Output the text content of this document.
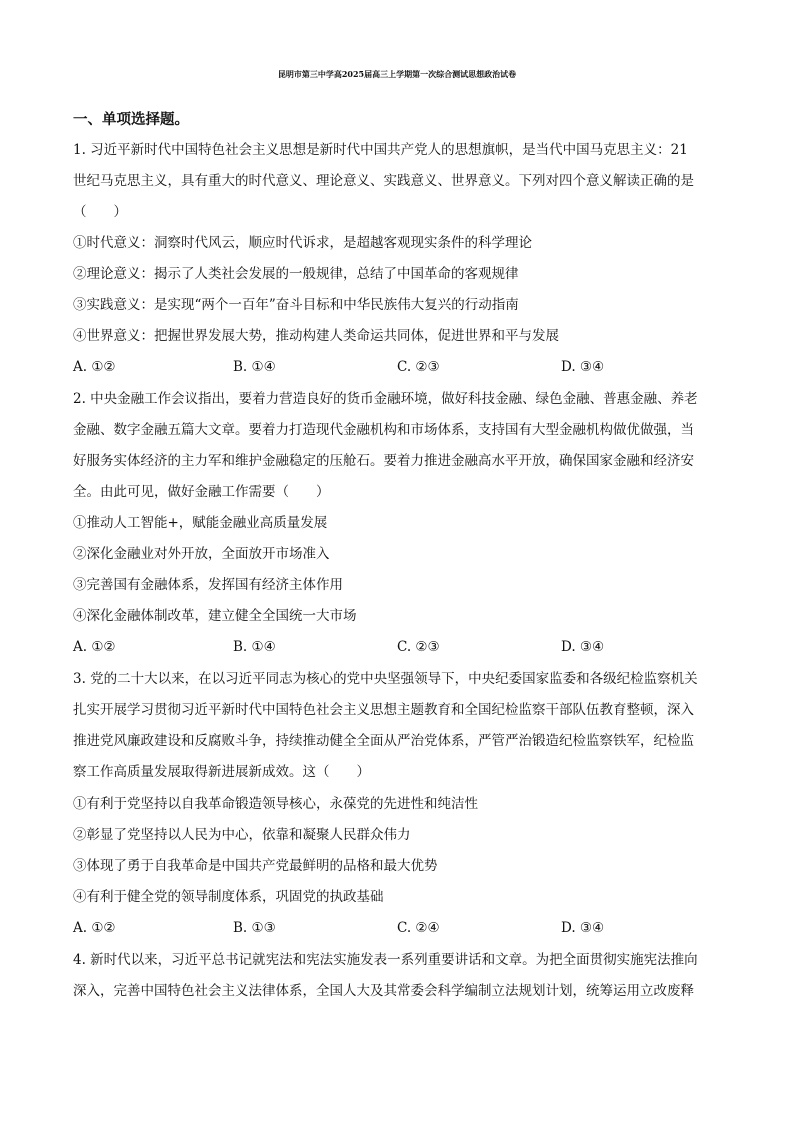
昆明市第三中学高2025届高三上学期第一次综合测试思想政治试卷
一、单项选择题。
1. 习近平新时代中国特色社会主义思想是新时代中国共产党人的思想旗帜，是当代中国马克思主义：21
世纪马克思主义，具有重大的时代意义、理论意义、实践意义、世界意义。下列对四个意义解读正确的是
（　　）
①时代意义：洞察时代风云，顺应时代诉求，是超越客观现实条件的科学理论
②理论意义：揭示了人类社会发展的一般规律，总结了中国革命的客观规律
③实践意义：是实现“两个一百年”奋斗目标和中华民族伟大复兴的行动指南
④世界意义：把握世界发展大势，推动构建人类命运共同体，促进世界和平与发展
A. ①②	B. ①④	C. ②③	D. ③④
2. 中央金融工作会议指出，要着力营造良好的货币金融环境，做好科技金融、绿色金融、普惠金融、养老
金融、数字金融五篇大文章。要着力打造现代金融机构和市场体系，支持国有大型金融机构做优做强，当
好服务实体经济的主力军和维护金融稳定的压舱石。要着力推进金融高水平开放，确保国家金融和经济安
全。由此可见，做好金融工作需要（　　）
①推动人工智能+，赋能金融业高质量发展
②深化金融业对外开放，全面放开市场准入
③完善国有金融体系，发挥国有经济主体作用
④深化金融体制改革，建立健全全国统一大市场
A. ①②	B. ①④	C. ②③	D. ③④
3. 党的二十大以来，在以习近平同志为核心的党中央坚强领导下，中央纪委国家监委和各级纪检监察机关
扎实开展学习贯彻习近平新时代中国特色社会主义思想主题教育和全国纪检监察干部队伍教育整顿，深入
推进党风廉政建设和反腐败斗争，持续推动健全全面从严治党体系，严管严治锻造纪检监察铁军，纪检监
察工作高质量发展取得新进展新成效。这（　　）
①有利于党坚持以自我革命锻造领导核心，永葆党的先进性和纯洁性
②彰显了党坚持以人民为中心，依靠和凝聚人民群众伟力
③体现了勇于自我革命是中国共产党最鲜明的品格和最大优势
④有利于健全党的领导制度体系，巩固党的执政基础
A. ①②	B. ①③	C. ②④	D. ③④
4. 新时代以来，习近平总书记就宪法和宪法实施发表一系列重要讲话和文章。为把全面贯彻实施宪法推向
深入，完善中国特色社会主义法律体系，全国人大及其常委会科学编制立法规划计划，统筹运用立改废释
